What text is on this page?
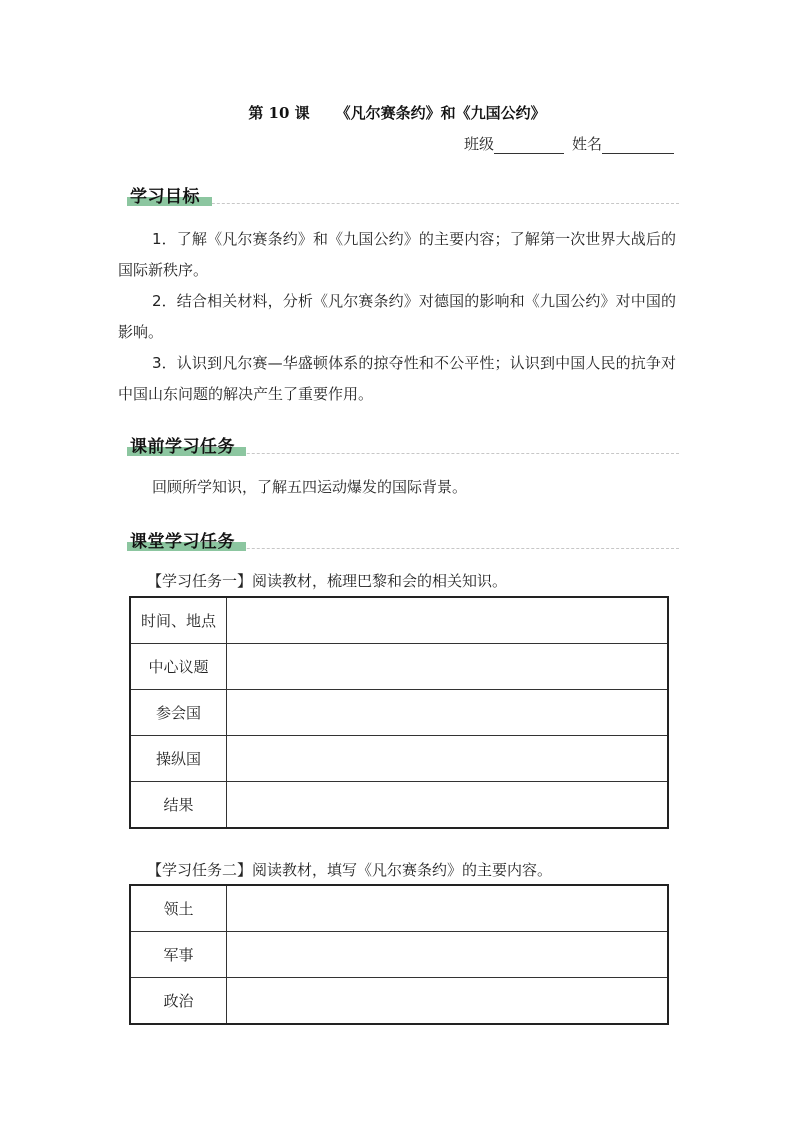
第 10 课 《凡尔赛条约》和《九国公约》
班级	姓名
学习目标
1．了解《凡尔赛条约》和《九国公约》的主要内容；了解第一次世界大战后的国际新秩序。
2．结合相关材料，分析《凡尔赛条约》对德国的影响和《九国公约》对中国的影响。
3．认识到凡尔赛—华盛顿体系的掠夺性和不公平性；认识到中国人民的抗争对中国山东问题的解决产生了重要作用。
课前学习任务
回顾所学知识，了解五四运动爆发的国际背景。
课堂学习任务
【学习任务一】阅读教材，梳理巴黎和会的相关知识。
时间、地点	
中心议题	
参会国	
操纵国	
结果	
【学习任务二】阅读教材，填写《凡尔赛条约》的主要内容。
领土	
军事	
政治	
